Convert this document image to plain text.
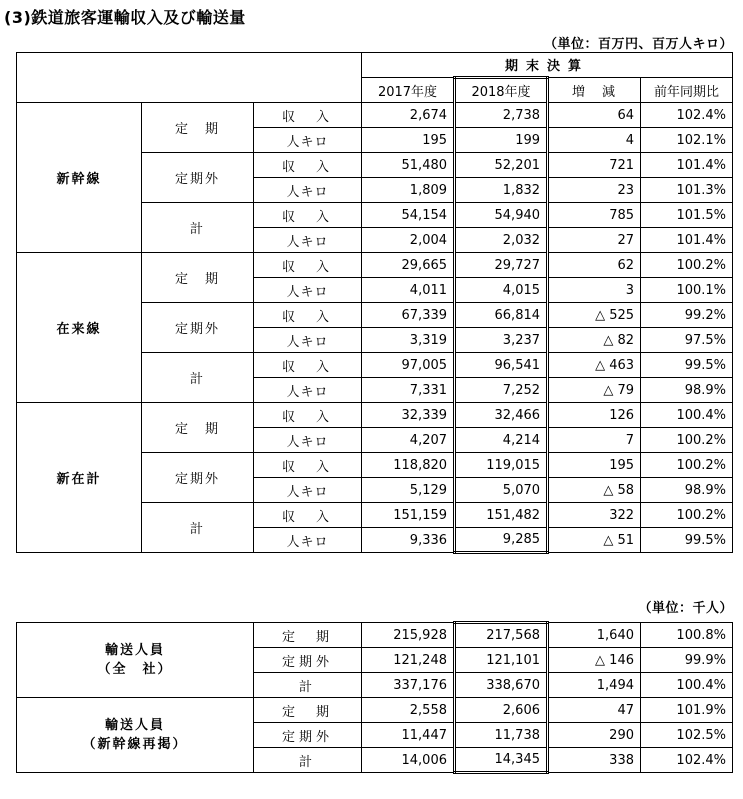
(3)鉄道旅客運輸収入及び輸送量
（単位：百万円、百万人キロ）
			期末決算			
			2017年度	2018年度	増　減	前年同期比
新幹線	定　期	収　入	2,674	2,738	64	102.4%
		人キロ	195	199	4	102.1%
	定期外	収　入	51,480	52,201	721	101.4%
		人キロ	1,809	1,832	23	101.3%
	計	収　入	54,154	54,940	785	101.5%
		人キロ	2,004	2,032	27	101.4%
在来線	定　期	収　入	29,665	29,727	62	100.2%
		人キロ	4,011	4,015	3	100.1%
	定期外	収　入	67,339	66,814	△ 525	99.2%
		人キロ	3,319	3,237	△ 82	97.5%
	計	収　入	97,005	96,541	△ 463	99.5%
		人キロ	7,331	7,252	△ 79	98.9%
新在計	定　期	収　入	32,339	32,466	126	100.4%
		人キロ	4,207	4,214	7	100.2%
	定期外	収　入	118,820	119,015	195	100.2%
		人キロ	5,129	5,070	△ 58	98.9%
	計	収　入	151,159	151,482	322	100.2%
		人キロ	9,336	9,285	△ 51	99.5%
（単位：千人）
輸送人員
（全　社）	定　期	215,928	217,568	1,640	100.8%
	定期外	121,248	121,101	△ 146	99.9%
	計	337,176	338,670	1,494	100.4%

輸送人員
（新幹線再掲）	定　期	2,558	2,606	47	101.9%
	定期外	11,447	11,738	290	102.5%
	計	14,006	14,345	338	102.4%
